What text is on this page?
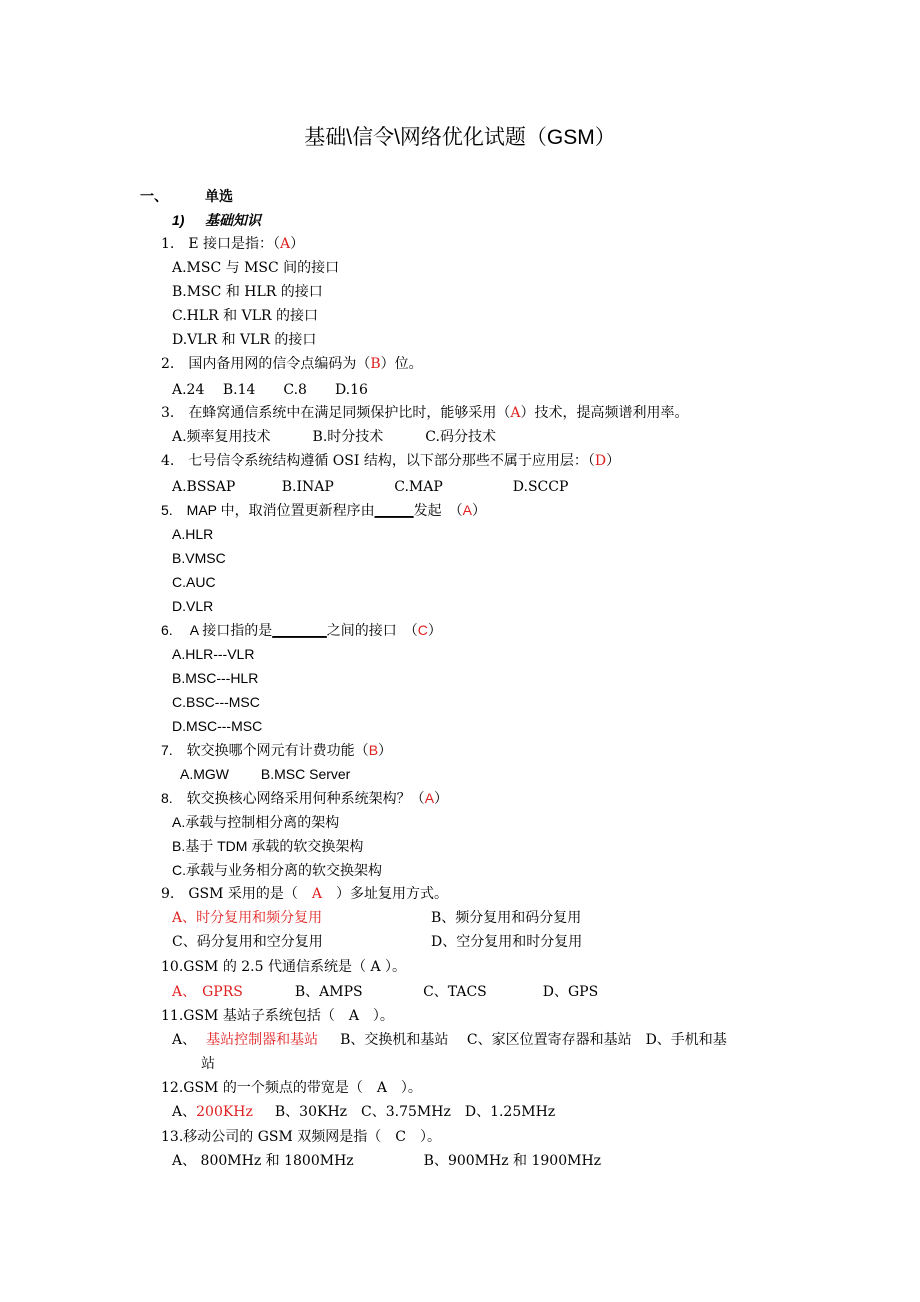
基础\信令\网络优化试题（GSM）
一、	单选
1) 基础知识
1.　E 接口是指：（A）
A.MSC 与 MSC 间的接口
B.MSC 和 HLR 的接口
C.HLR 和 VLR 的接口
D.VLR 和 VLR 的接口
2.　国内备用网的信令点编码为（B）位。
A.24　 B.14　　C.8　　D.16
3.　在蜂窝通信系统中在满足同频保护比时，能够采用（A）技术，提高频谱利用率。
A.频率复用技术　　　B.时分技术　　　C.码分技术
4.　七号信令系统结构遵循 OSI 结构，以下部分那些不属于应用层：（D）
A.BSSAP　　　 B.INAP　　　　 C.MAP　　　　　D.SCCP
5.　MAP 中，取消位置更新程序由_____发起　（A）
A.HLR
B.VMSC
C.AUC
D.VLR
6.　 A 接口指的是_______之间的接口　（C）
A.HLR---VLR
B.MSC---HLR
C.BSC---MSC
D.MSC---MSC
7.　软交换哪个网元有计费功能（B）
A.MGW　　 B.MSC Server
8.　软交换核心网络采用何种系统架构？（A）
A.承载与控制相分离的架构
B.基于 TDM 承载的软交换架构
C.承载与业务相分离的软交换架构
9.　GSM 采用的是（　A　）多址复用方式。
A、时分复用和频分复用	B、频分复用和码分复用
C、码分复用和空分复用	D、空分复用和时分复用
10.GSM 的 2.5 代通信系统是（ A ）。
A、 GPRS	B、AMPS　　　　 C、TACS　　　　D、GPS
11.GSM 基站子系统包括（　A　）。
A、 基站控制器和基站 B、交换机和基站　 C、家区位置寄存器和基站　D、手机和基
站
12.GSM 的一个频点的带宽是（　A　）。
A、200KHz B、30KHz　C、3.75MHz　D、1.25MHz
13.移动公司的 GSM 双频网是指（　C　）。
A、 800MHz 和 1800MHz　　　　　B、900MHz 和 1900MHz
